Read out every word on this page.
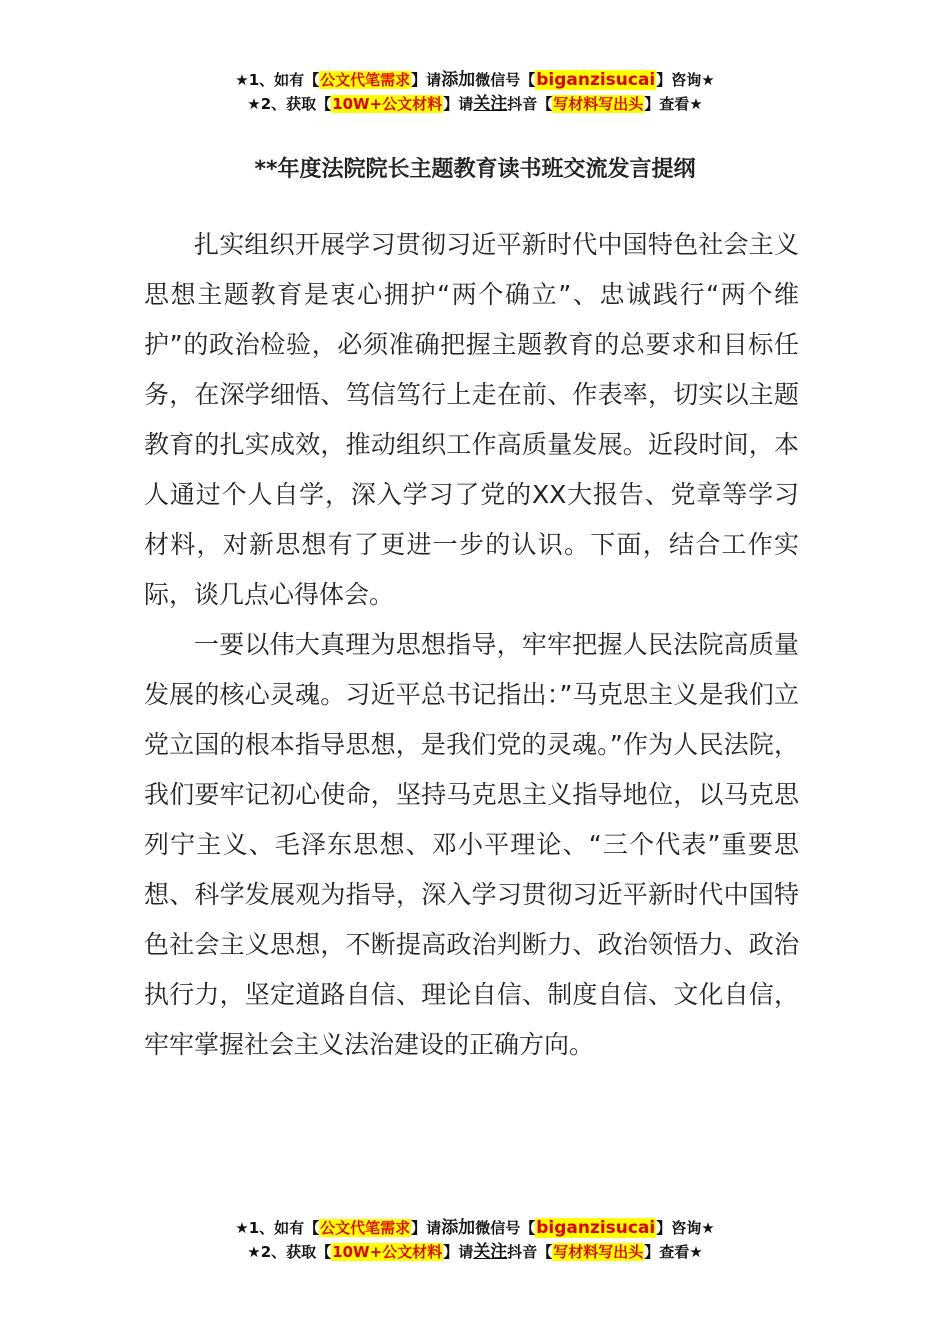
★1、如有【公文代笔需求】请添加微信号【biganzisucai】咨询★
★2、获取【10W+公文材料】请关注抖音【写材料写出头】查看★
**年度法院院长主题教育读书班交流发言提纲

扎实组织开展学习贯彻习近平新时代中国特色社会主义思想主题教育是衷心拥护“两个确立”、忠诚践行“两个维护”的政治检验，必须准确把握主题教育的总要求和目标任务，在深学细悟、笃信笃行上走在前、作表率，切实以主题教育的扎实成效，推动组织工作高质量发展。近段时间，本人通过个人自学，深入学习了党的XX大报告、党章等学习材料，对新思想有了更进一步的认识。下面，结合工作实际，谈几点心得体会。

一要以伟大真理为思想指导，牢牢把握人民法院高质量发展的核心灵魂。习近平总书记指出：”马克思主义是我们立党立国的根本指导思想，是我们党的灵魂。”作为人民法院，我们要牢记初心使命，坚持马克思主义指导地位，以马克思列宁主义、毛泽东思想、邓小平理论、“三个代表”重要思想、科学发展观为指导，深入学习贯彻习近平新时代中国特色社会主义思想，不断提高政治判断力、政治领悟力、政治执行力，坚定道路自信、理论自信、制度自信、文化自信，牢牢掌握社会主义法治建设的正确方向。

★1、如有【公文代笔需求】请添加微信号【biganzisucai】咨询★
★2、获取【10W+公文材料】请关注抖音【写材料写出头】查看★
